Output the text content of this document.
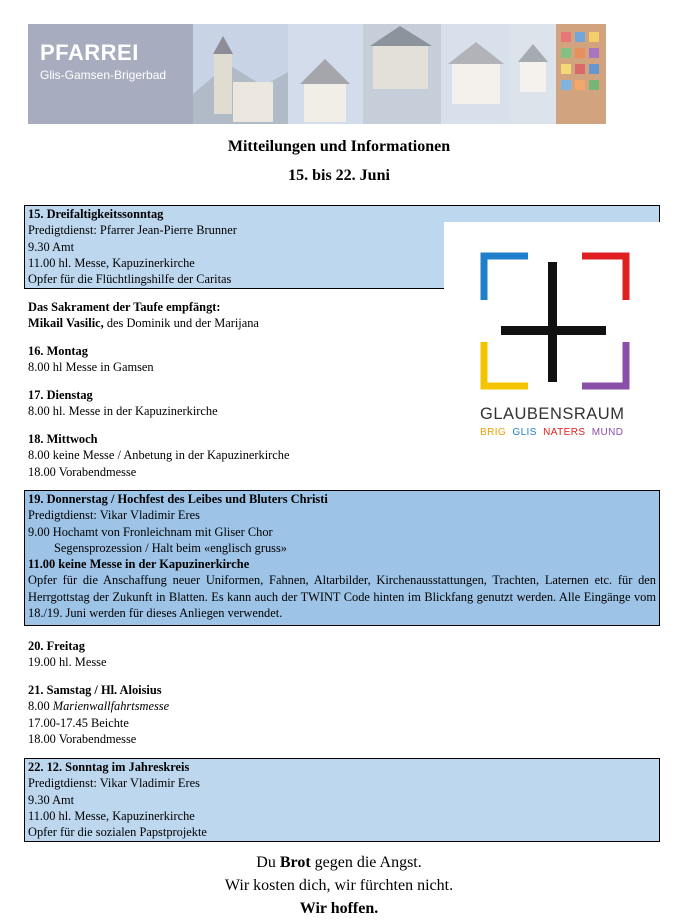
PFARREI
Glis-Gamsen-Brigerbad
Mitteilungen und Informationen
15. bis 22. Juni
15. Dreifaltigkeitssonntag
Predigtdienst: Pfarrer Jean-Pierre Brunner
9.30 Amt
11.00 hl. Messe, Kapuzinerkirche
Opfer für die Flüchtlingshilfe der Caritas
Das Sakrament der Taufe empfängt:
Mikail Vasilic, des Dominik und der Marijana
16. Montag
8.00 hl Messe in Gamsen
17. Dienstag
8.00 hl. Messe in der Kapuzinerkirche
18. Mittwoch
8.00 keine Messe / Anbetung in der Kapuzinerkirche
18.00 Vorabendmesse
GLAUBENSRAUM
BRIG GLIS NATERS MUND
19. Donnerstag / Hochfest des Leibes und Bluters Christi
Predigtdienst: Vikar Vladimir Eres
9.00 Hochamt von Fronleichnam mit Gliser Chor
Segensprozession / Halt beim «englisch gruss»
11.00 keine Messe in der Kapuzinerkirche
Opfer für die Anschaffung neuer Uniformen, Fahnen, Altarbilder, Kirchenausstattungen, Trachten, Laternen etc. für den Herrgottstag der Zukunft in Blatten. Es kann auch der TWINT Code hinten im Blickfang genutzt werden. Alle Eingänge vom 18./19. Juni werden für dieses Anliegen verwendet.
20. Freitag
19.00 hl. Messe
21. Samstag / Hl. Aloisius
8.00 Marienwallfahrtsmesse
17.00-17.45 Beichte
18.00 Vorabendmesse
22. 12. Sonntag im Jahreskreis
Predigtdienst: Vikar Vladimir Eres
9.30 Amt
11.00 hl. Messe, Kapuzinerkirche
Opfer für die sozialen Papstprojekte
Du Brot gegen die Angst.
Wir kosten dich, wir fürchten nicht.
Wir hoffen.
